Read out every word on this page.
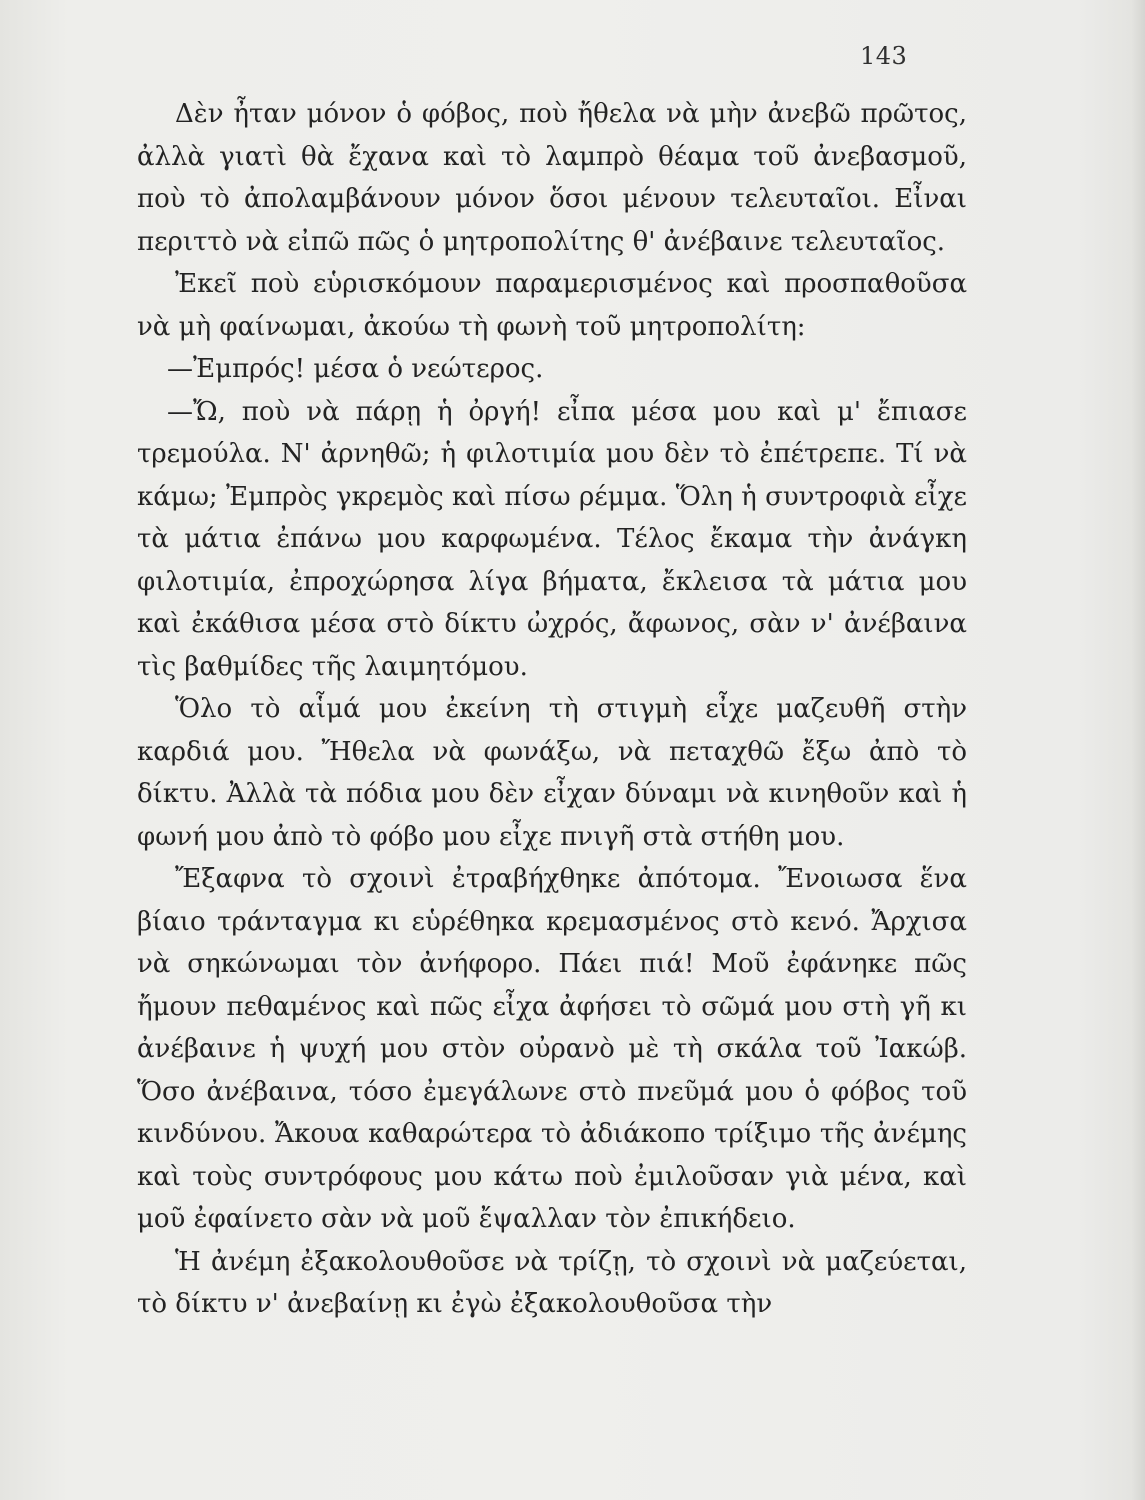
143

Δὲν ἦταν μόνον ὁ φόβος, ποὺ ἤθελα νὰ μὴν ἀνεβῶ πρῶτος, ἀλλὰ γιατὶ θὰ ἔχανα καὶ τὸ λαμπρὸ θέαμα τοῦ ἀνεβασμοῦ, ποὺ τὸ ἀπολαμβάνουν μόνον ὅσοι μένουν τελευταῖοι. Εἶναι περιττὸ νὰ εἰπῶ πῶς ὁ μητροπολίτης θ' ἀνέβαινε τελευταῖος.

Ἐκεῖ ποὺ εὑρισκόμουν παραμερισμένος καὶ προσπαθοῦσα νὰ μὴ φαίνωμαι, ἀκούω τὴ φωνὴ τοῦ μητροπολίτη:

—Ἐμπρός! μέσα ὁ νεώτερος.

—Ὤ, ποὺ νὰ πάρῃ ἡ ὀργή! εἶπα μέσα μου καὶ μ' ἔπιασε τρεμούλα. Ν' ἀρνηθῶ; ἡ φιλοτιμία μου δὲν τὸ ἐπέτρεπε. Τί νὰ κάμω; Ἐμπρὸς γκρεμὸς καὶ πίσω ρέμμα. Ὅλη ἡ συντροφιὰ εἶχε τὰ μάτια ἐπάνω μου καρφωμένα. Τέλος ἔκαμα τὴν ἀνάγκη φιλοτιμία, ἐπροχώρησα λίγα βήματα, ἔκλεισα τὰ μάτια μου καὶ ἐκάθισα μέσα στὸ δίκτυ ὠχρός, ἄφωνος, σὰν ν' ἀνέβαινα τὶς βαθμίδες τῆς λαιμητόμου.

Ὅλο τὸ αἷμά μου ἐκείνη τὴ στιγμὴ εἶχε μαζευθῆ στὴν καρδιά μου. Ἤθελα νὰ φωνάξω, νὰ πεταχθῶ ἔξω ἀπὸ τὸ δίκτυ. Ἀλλὰ τὰ πόδια μου δὲν εἶχαν δύναμι νὰ κινηθοῦν καὶ ἡ φωνή μου ἀπὸ τὸ φόβο μου εἶχε πνιγῆ στὰ στήθη μου.

Ἔξαφνα τὸ σχοινὶ ἐτραβήχθηκε ἀπότομα. Ἔνοιωσα ἕνα βίαιο τράνταγμα κι εὑρέθηκα κρεμασμένος στὸ κενό. Ἄρχισα νὰ σηκώνωμαι τὸν ἀνήφορο. Πάει πιά! Μοῦ ἐφάνηκε πῶς ἤμουν πεθαμένος καὶ πῶς εἶχα ἀφήσει τὸ σῶμά μου στὴ γῆ κι ἀνέβαινε ἡ ψυχή μου στὸν οὐρανὸ μὲ τὴ σκάλα τοῦ Ἰακώβ. Ὅσο ἀνέβαινα, τόσο ἐμεγάλωνε στὸ πνεῦμά μου ὁ φόβος τοῦ κινδύνου. Ἄκουα καθαρώτερα τὸ ἀδιάκοπο τρίξιμο τῆς ἀνέμης καὶ τοὺς συντρόφους μου κάτω ποὺ ἐμιλοῦσαν γιὰ μένα, καὶ μοῦ ἐφαίνετο σὰν νὰ μοῦ ἔψαλλαν τὸν ἐπικήδειο.

Ἡ ἀνέμη ἐξακολουθοῦσε νὰ τρίζῃ, τὸ σχοινὶ νὰ μαζεύεται, τὸ δίκτυ ν' ἀνεβαίνῃ κι ἐγὼ ἐξακολουθοῦσα τὴν
